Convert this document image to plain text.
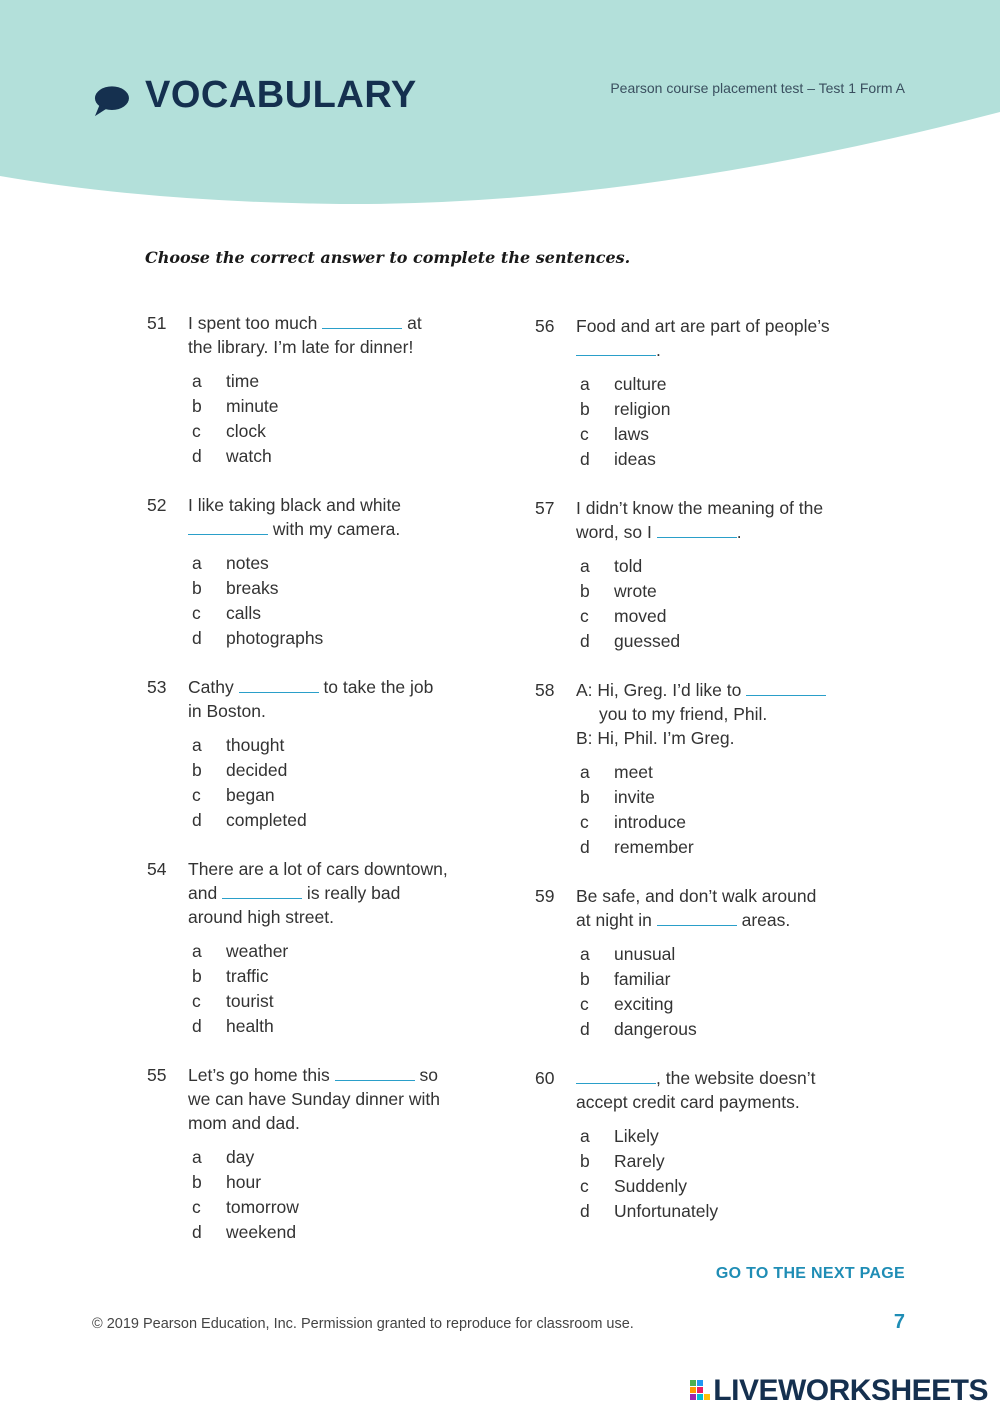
VOCABULARY	Pearson course placement test – Test 1 Form A

Choose the correct answer to complete the sentences.

51	I spent too much	at
the library. I’m late for dinner!
a	time
b	minute
c	clock
d	watch
52	I like taking black and white
with my camera.
a	notes
b	breaks
c	calls
d	photographs
53	Cathy	to take the job
in Boston.
a	thought
b	decided
c	began
d	completed
54	There are a lot of cars downtown,
and	is really bad
around high street.
a	weather
b	traffic
c	tourist
d	health
55	Let’s go home this	so
we can have Sunday dinner with
mom and dad.
a	day
b	hour
c	tomorrow
d	weekend
56	Food and art are part of people’s
.
a	culture
b	religion
c	laws
d	ideas
57	I didn’t know the meaning of the
word, so I	.
a	told
b	wrote
c	moved
d	guessed
58	A: Hi, Greg. I’d like to
you to my friend, Phil.
B: Hi, Phil. I’m Greg.
a	meet
b	invite
c	introduce
d	remember
59	Be safe, and don’t walk around
at night in	areas.
a	unusual
b	familiar
c	exciting
d	dangerous
60	, the website doesn’t
accept credit card payments.
a	Likely
b	Rarely
c	Suddenly
d	Unfortunately
GO TO THE NEXT PAGE
© 2019 Pearson Education, Inc. Permission granted to reproduce for classroom use.	7
LIVEWORKSHEETS
